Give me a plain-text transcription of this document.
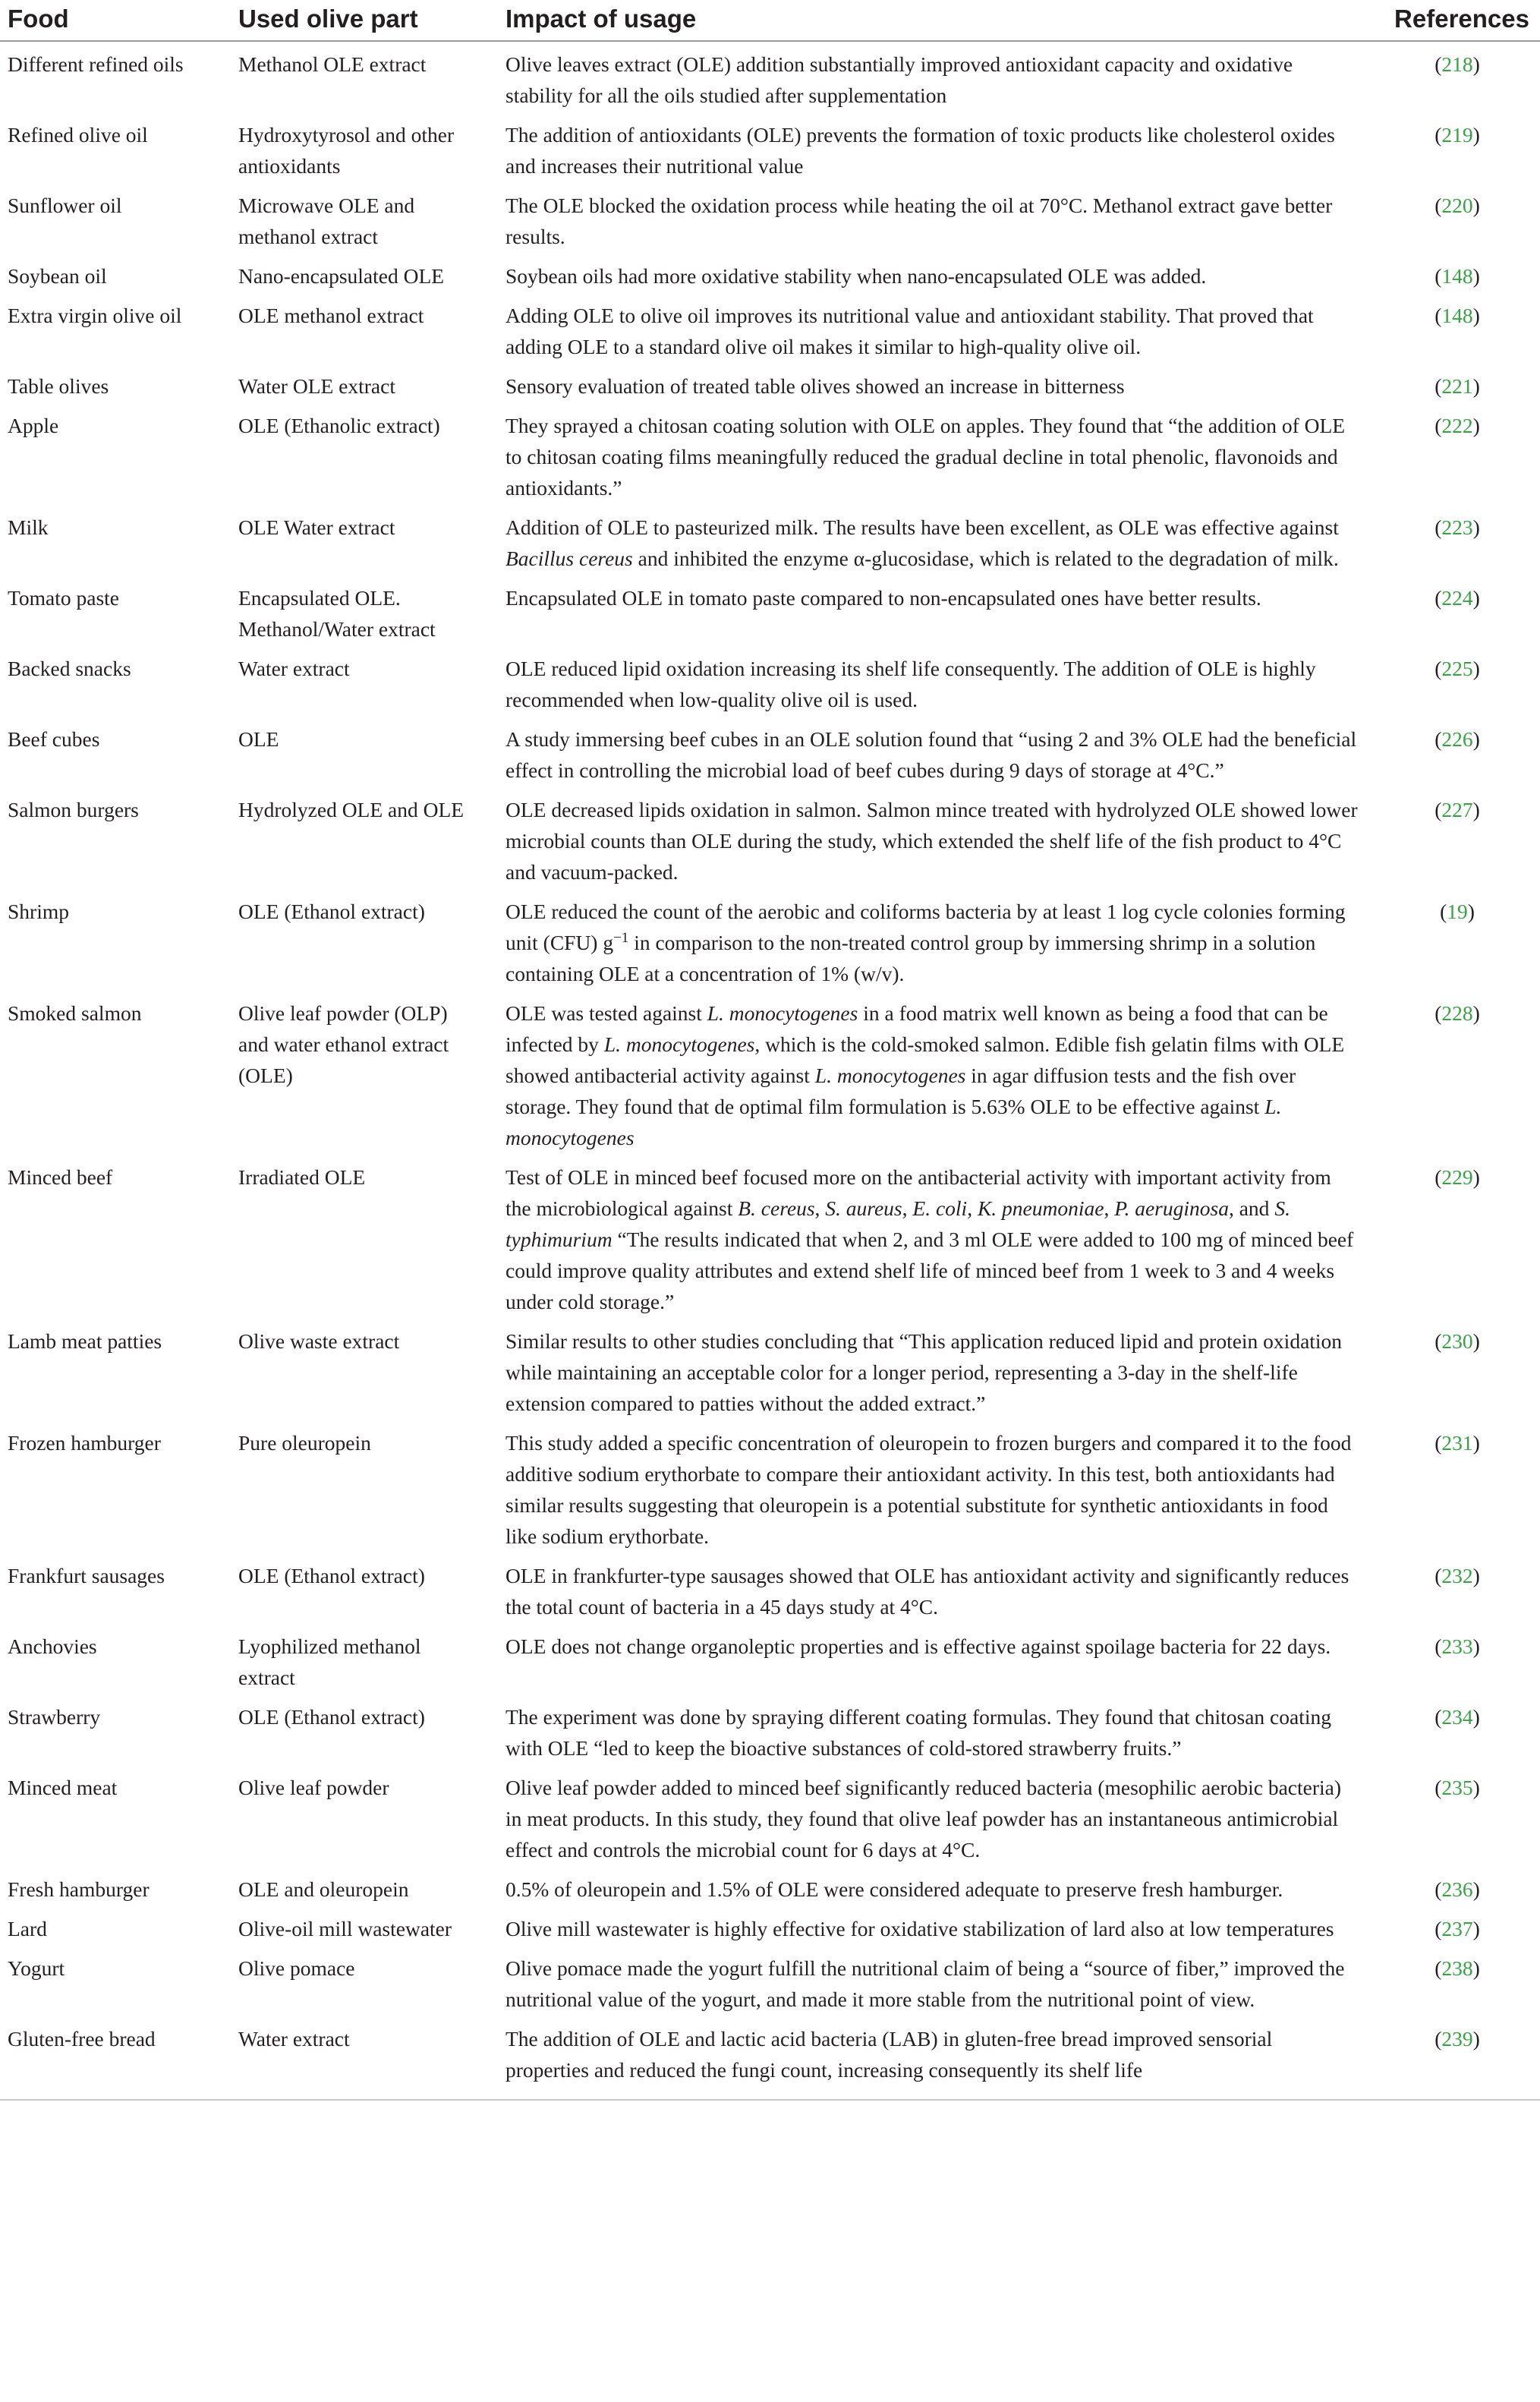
Food	Used olive part	Impact of usage	References
Different refined oils	Methanol OLE extract	Olive leaves extract (OLE) addition substantially improved antioxidant capacity and oxidative stability for all the oils studied after supplementation	(218)
Refined olive oil	Hydroxytyrosol and other antioxidants	The addition of antioxidants (OLE) prevents the formation of toxic products like cholesterol oxides and increases their nutritional value	(219)
Sunflower oil	Microwave OLE and methanol extract	The OLE blocked the oxidation process while heating the oil at 70°C. Methanol extract gave better results.	(220)
Soybean oil	Nano-encapsulated OLE	Soybean oils had more oxidative stability when nano-encapsulated OLE was added.	(148)
Extra virgin olive oil	OLE methanol extract	Adding OLE to olive oil improves its nutritional value and antioxidant stability. That proved that adding OLE to a standard olive oil makes it similar to high-quality olive oil.	(148)
Table olives	Water OLE extract	Sensory evaluation of treated table olives showed an increase in bitterness	(221)
Apple	OLE (Ethanolic extract)	They sprayed a chitosan coating solution with OLE on apples. They found that “the addition of OLE to chitosan coating films meaningfully reduced the gradual decline in total phenolic, flavonoids and antioxidants.”	(222)
Milk	OLE Water extract	Addition of OLE to pasteurized milk. The results have been excellent, as OLE was effective against Bacillus cereus and inhibited the enzyme α-glucosidase, which is related to the degradation of milk.	(223)
Tomato paste	Encapsulated OLE. Methanol/Water extract	Encapsulated OLE in tomato paste compared to non-encapsulated ones have better results.	(224)
Backed snacks	Water extract	OLE reduced lipid oxidation increasing its shelf life consequently. The addition of OLE is highly recommended when low-quality olive oil is used.	(225)
Beef cubes	OLE	A study immersing beef cubes in an OLE solution found that “using 2 and 3% OLE had the beneficial effect in controlling the microbial load of beef cubes during 9 days of storage at 4°C.”	(226)
Salmon burgers	Hydrolyzed OLE and OLE	OLE decreased lipids oxidation in salmon. Salmon mince treated with hydrolyzed OLE showed lower microbial counts than OLE during the study, which extended the shelf life of the fish product to 4°C and vacuum-packed.	(227)
Shrimp	OLE (Ethanol extract)	OLE reduced the count of the aerobic and coliforms bacteria by at least 1 log cycle colonies forming unit (CFU) $g^{-1}$ in comparison to the non-treated control group by immersing shrimp in a solution containing OLE at a concentration of 1% (w/v).	(19)
Smoked salmon	Olive leaf powder (OLP) and water ethanol extract (OLE)	OLE was tested against L. monocytogenes in a food matrix well known as being a food that can be infected by L. monocytogenes, which is the cold-smoked salmon. Edible fish gelatin films with OLE showed antibacterial activity against L. monocytogenes in agar diffusion tests and the fish over storage. They found that de optimal film formulation is 5.63% OLE to be effective against L. monocytogenes	(228)
Minced beef	Irradiated OLE	Test of OLE in minced beef focused more on the antibacterial activity with important activity from the microbiological against B. cereus, S. aureus, E. coli, K. pneumoniae, P. aeruginosa, and S. typhimurium “The results indicated that when 2, and 3 ml OLE were added to 100 mg of minced beef could improve quality attributes and extend shelf life of minced beef from 1 week to 3 and 4 weeks under cold storage.”	(229)
Lamb meat patties	Olive waste extract	Similar results to other studies concluding that “This application reduced lipid and protein oxidation while maintaining an acceptable color for a longer period, representing a 3-day in the shelf-life extension compared to patties without the added extract.”	(230)
Frozen hamburger	Pure oleuropein	This study added a specific concentration of oleuropein to frozen burgers and compared it to the food additive sodium erythorbate to compare their antioxidant activity. In this test, both antioxidants had similar results suggesting that oleuropein is a potential substitute for synthetic antioxidants in food like sodium erythorbate.	(231)
Frankfurt sausages	OLE (Ethanol extract)	OLE in frankfurter-type sausages showed that OLE has antioxidant activity and significantly reduces the total count of bacteria in a 45 days study at 4°C.	(232)
Anchovies	Lyophilized methanol extract	OLE does not change organoleptic properties and is effective against spoilage bacteria for 22 days.	(233)
Strawberry	OLE (Ethanol extract)	The experiment was done by spraying different coating formulas. They found that chitosan coating with OLE “led to keep the bioactive substances of cold-stored strawberry fruits.”	(234)
Minced meat	Olive leaf powder	Olive leaf powder added to minced beef significantly reduced bacteria (mesophilic aerobic bacteria) in meat products. In this study, they found that olive leaf powder has an instantaneous antimicrobial effect and controls the microbial count for 6 days at 4°C.	(235)
Fresh hamburger	OLE and oleuropein	0.5% of oleuropein and 1.5% of OLE were considered adequate to preserve fresh hamburger.	(236)
Lard	Olive-oil mill wastewater	Olive mill wastewater is highly effective for oxidative stabilization of lard also at low temperatures	(237)
Yogurt	Olive pomace	Olive pomace made the yogurt fulfill the nutritional claim of being a “source of fiber,” improved the nutritional value of the yogurt, and made it more stable from the nutritional point of view.	(238)
Gluten-free bread	Water extract	The addition of OLE and lactic acid bacteria (LAB) in gluten-free bread improved sensorial properties and reduced the fungi count, increasing consequently its shelf life	(239)
